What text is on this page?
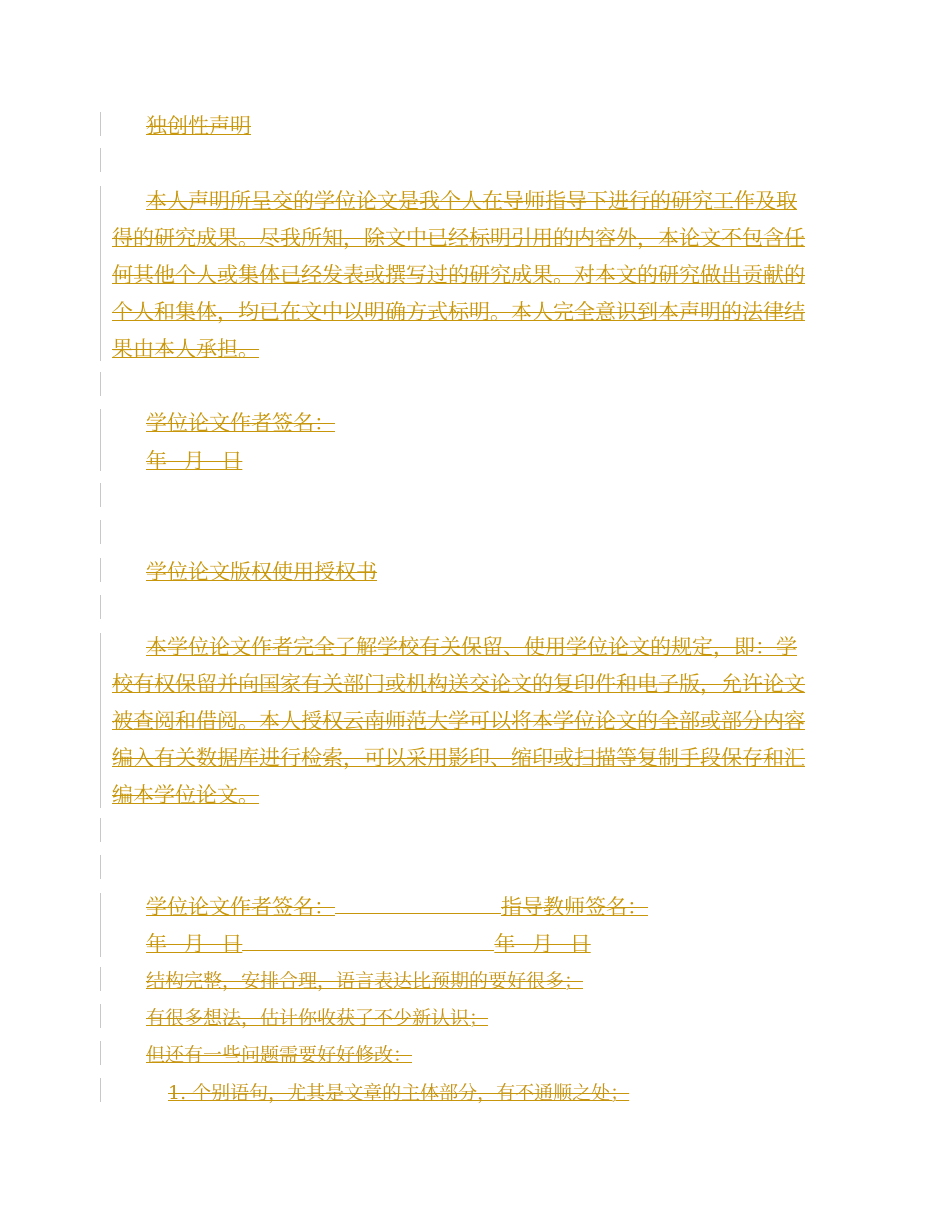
独创性声明
本人声明所呈交的学位论文是我个人在导师指导下进行的研究工作及取
得的研究成果。尽我所知，除文中已经标明引用的内容外，本论文不包含任
何其他个人或集体已经发表或撰写过的研究成果。对本文的研究做出贡献的
个人和集体，均已在文中以明确方式标明。本人完全意识到本声明的法律结
果由本人承担。
学位论文作者签名：
年 月 日
学位论文版权使用授权书
本学位论文作者完全了解学校有关保留、使用学位论文的规定，即：学
校有权保留并向国家有关部门或机构送交论文的复印件和电子版，允许论文
被查阅和借阅。本人授权云南师范大学可以将本学位论文的全部或部分内容
编入有关数据库进行检索，可以采用影印、缩印或扫描等复制手段保存和汇
编本学位论文。
学位论文作者签名：	指导教师签名：
年 月 日	年 月 日
结构完整，安排合理，语言表达比预期的要好很多；
有很多想法，估计你收获了不少新认识；
但还有一些问题需要好好修改：
1. 个别语句，尤其是文章的主体部分，有不通顺之处；
